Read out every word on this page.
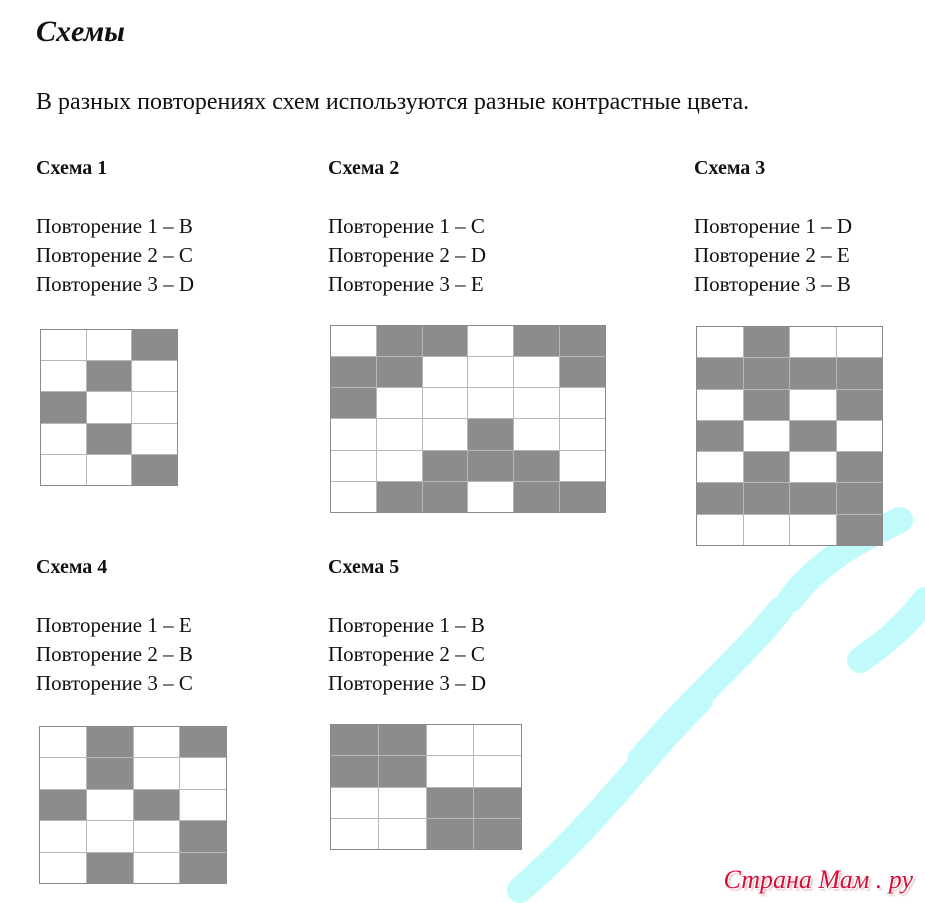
Схемы

В разных повторениях схем используются разные контрастные цвета.

Схема 1
Повторение 1 – B
Повторение 2 – C
Повторение 3 – D
Схема 2
Повторение 1 – C
Повторение 2 – D
Повторение 3 – E
Схема 3
Повторение 1 – D
Повторение 2 – E
Повторение 3 – B
Схема 4
Повторение 1 – E
Повторение 2 – B
Повторение 3 – C
Схема 5
Повторение 1 – B
Повторение 2 – C
Повторение 3 – D
Страна Мам . ру
